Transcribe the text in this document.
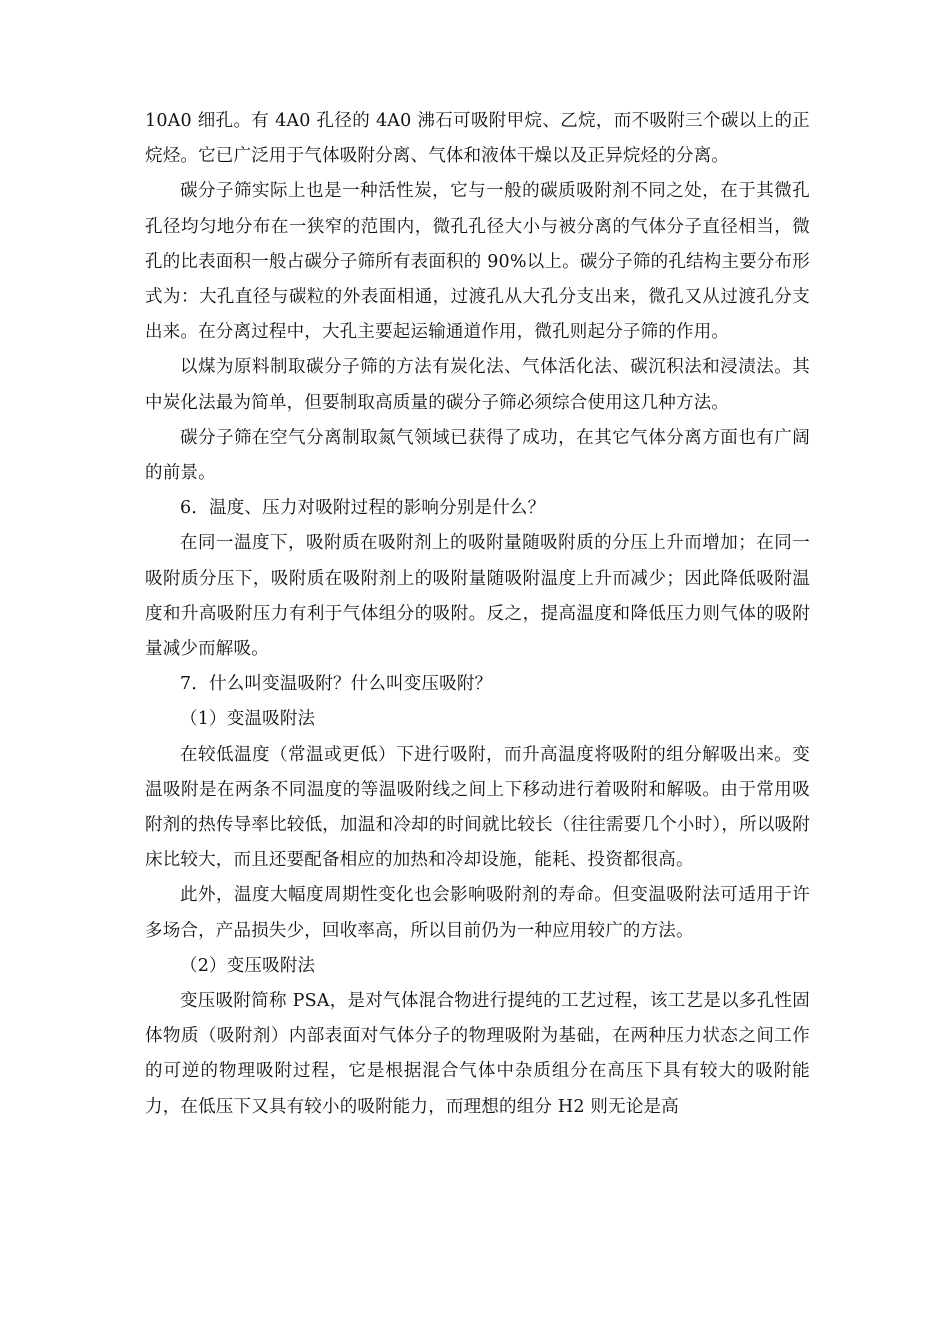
10A0 细孔。有 4A0 孔径的 4A0 沸石可吸附甲烷、乙烷，而不吸附三个碳以上的正烷烃。它已广泛用于气体吸附分离、气体和液体干燥以及正异烷烃的分离。

碳分子筛实际上也是一种活性炭，它与一般的碳质吸附剂不同之处，在于其微孔孔径均匀地分布在一狭窄的范围内，微孔孔径大小与被分离的气体分子直径相当，微孔的比表面积一般占碳分子筛所有表面积的 90%以上。碳分子筛的孔结构主要分布形式为：大孔直径与碳粒的外表面相通，过渡孔从大孔分支出来，微孔又从过渡孔分支出来。在分离过程中，大孔主要起运输通道作用，微孔则起分子筛的作用。

以煤为原料制取碳分子筛的方法有炭化法、气体活化法、碳沉积法和浸渍法。其中炭化法最为简单，但要制取高质量的碳分子筛必须综合使用这几种方法。

碳分子筛在空气分离制取氮气领域已获得了成功，在其它气体分离方面也有广阔的前景。

6．温度、压力对吸附过程的影响分别是什么？

在同一温度下，吸附质在吸附剂上的吸附量随吸附质的分压上升而增加；在同一吸附质分压下，吸附质在吸附剂上的吸附量随吸附温度上升而减少；因此降低吸附温度和升高吸附压力有利于气体组分的吸附。反之，提高温度和降低压力则气体的吸附量减少而解吸。

7．什么叫变温吸附？什么叫变压吸附？

（1）变温吸附法

在较低温度（常温或更低）下进行吸附，而升高温度将吸附的组分解吸出来。变温吸附是在两条不同温度的等温吸附线之间上下移动进行着吸附和解吸。由于常用吸附剂的热传导率比较低，加温和冷却的时间就比较长（往往需要几个小时），所以吸附床比较大，而且还要配备相应的加热和冷却设施，能耗、投资都很高。

此外，温度大幅度周期性变化也会影响吸附剂的寿命。但变温吸附法可适用于许多场合，产品损失少，回收率高，所以目前仍为一种应用较广的方法。

（2）变压吸附法

变压吸附简称 PSA，是对气体混合物进行提纯的工艺过程，该工艺是以多孔性固体物质（吸附剂）内部表面对气体分子的物理吸附为基础，在两种压力状态之间工作的可逆的物理吸附过程，它是根据混合气体中杂质组分在高压下具有较大的吸附能力，在低压下又具有较小的吸附能力，而理想的组分 H2 则无论是高
